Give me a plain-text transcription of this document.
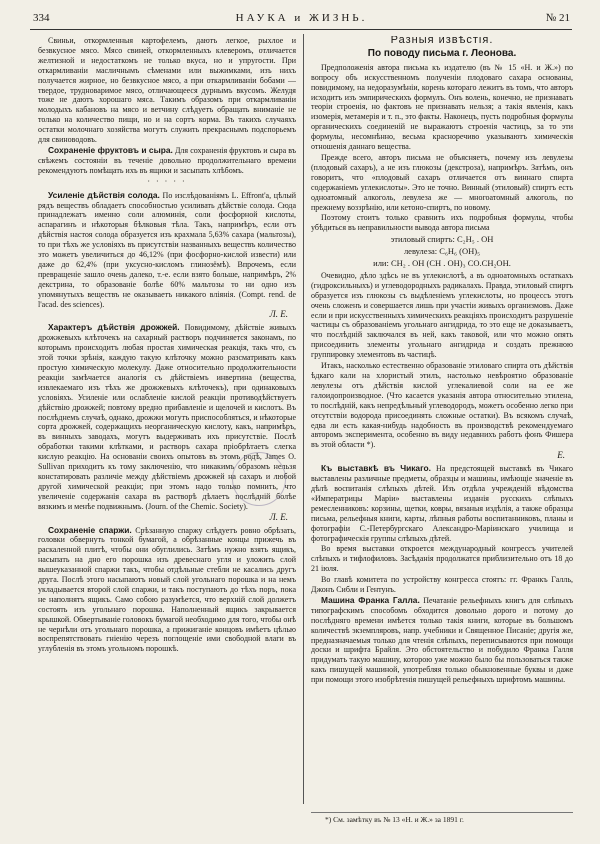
334	НАУКА и ЖИЗНЬ.	№ 21

Свиньи, откормленныя картофелемъ, даютъ легкое, рыхлое и безвкусное мясо. Мясо свиней, откормленныхъ клеверомъ, отличается желтизной и недостаткомъ не только вкуса, но и упругости. При откармливаніи масличнымъ сѣменами или выжимками, изъ нихъ получается жирное, но безвкусное мясо, а при откармливаніи бобами — твердое, трудноваримое мясо, отличающееся дурнымъ вкусомъ. Желудя тоже не даютъ хорошаго мяса. Такимъ образомъ при откармливаніи молодыхъ кабановъ на мясо и ветчину слѣдуетъ обращать вниманіе не только на количество пищи, но и на сортъ корма. Въ такихъ случаяхъ остатки молочнаго хозяйства могутъ служить прекраснымъ подспорьемъ для свиноводовъ.

Сохраненіе фруктовъ и сыра. Для сохраненія фруктовъ и сыра въ свѣжемъ состояніи въ теченіе довольно продолжительнаго времени рекомендуютъ помѣщать ихъ въ ящики и засыпать хлѣбомъ.

· · · · ·

Усиленіе дѣйствія солода. По изслѣдованіямъ L. Effront'a, цѣлый рядъ веществъ обладаетъ способностью усиливать дѣйствіе солода. Сюда принадлежатъ именно соли алюминія, соли фосфорной кислоты, аспарагинъ и нѣкоторыя бѣлковыя тѣла. Такъ, напримѣръ, если отъ дѣйствія настоя солода образуется изъ крахмала 5,63% сахара (мальтозы), то при тѣхъ же условіяхъ въ присутствіи названныхъ веществъ количество это можетъ увеличиться до 46,12% (при фосфорно-кислой извести) или даже до 62,4% (при уксусно-кисломъ глинозёмѣ). Впрочемъ, если превращеніе зашло очень далеко, т.-е. если взято больше, напримѣръ, 2% декстрина, то образованіе болѣе 60% мальтозы то ни одно изъ упомянутыхъ веществъ не оказываетъ никакого вліянія. (Compt. rend. de l'acad. des sciences).

Л. Е.

Характеръ дѣйствія дрожжей. Повидимому, дѣйствіе живыхъ дрожжевыхъ клѣточекъ на сахарный растворъ подчиняется законамъ, по которымъ происходитъ любая простая химическая реакція, такъ что, съ этой точки зрѣнія, каждую такую клѣточку можно разсматривать какъ простую химическую молекулу. Даже относительно продолжительности реакціи замѣчается аналогія съ дѣйствіемъ инвертина (вещества, извлекаемаго изъ тѣхъ же дрожжевыхъ клѣточекъ), при одинаковыхъ условіяхъ. Усиленіе или ослабленіе кислой реакціи противодѣйствуетъ дѣйствію дрожжей; повтому вредно прибавленіе и щелочей и кислотъ. Въ послѣднемъ случаѣ, однако, дрожжи могутъ приспособляться, и нѣкоторые сорта дрожжей, содержащихъ неорганическую кислоту, какъ, напримѣръ, въ винныхъ заводахъ, могутъ выдерживать ихъ присутствіе. Послѣ обработки такими клѣтками, и растворъ сахара пріобрѣтаетъ слегка кислую реакцію. На основаніи своихъ опытовъ въ этомъ родѣ, James O. Sullivan приходитъ къ тому заключенію, что никакимъ образомъ нельзя констатировать различіе между дѣйствіемъ дрожжей на сахаръ и любой другой химической реакціи; при этомъ надо только помнить, что увеличеніе содержанія сахара въ растворѣ дѣлаетъ послѣдній болѣе вязкимъ и менѣе подвижнымъ. (Journ. of the Chemic. Society).

Л. Е.

Сохраненіе спаржи. Срѣзанную спаржу слѣдуетъ ровно обрѣзать, головки обвернуть тонкой бумагой, а обрѣзанные концы прижечь въ раскаленной плитѣ, чтобы они обуглились. Затѣмъ нужно взять ящикъ, насыпать на дно его порошка изъ древеснаго угля и уложить слой вышеуказанной спаржи такъ, чтобы отдѣльные стебли не касались другъ друга. Послѣ этого насыпаютъ новый слой угольнаго порошка и на немъ укладывается второй слой спаржи, и такъ поступаютъ до тѣхъ поръ, пока не наполнятъ ящикъ. Само собою разумѣется, что верхній слой должетъ состоять изъ угольнаго порошка. Наполненный ящикъ закрывается крышкой. Обвертываніе головокъ бумагой необходимо для того, чтобы онѣ не чернѣли отъ угольнаго порошка, а прижиганіе концовъ имѣетъ цѣлью воспрепятствовать гніенію черезъ поглощеніе ими свободной влаги въ углубленія въ этомъ угольномъ порошкѣ.

Разныя извѣстія.
По поводу письма г. Леонова.

Предположенія автора письма къ издателю (въ № 15 «Н. и Ж.») по вопросу объ искусственномъ полученіи плодоваго сахара основаны, повидимому, на недоразумѣніи, корень котораго лежитъ въ томъ, что авторъ исходитъ изъ эмпирическихъ формулъ. Онъ волень, конечно, не признавать теоріи строенія, но фактовъ не признавать нельзя; а такія явленія, какъ изомерія, метамерія и т. п., это факты. Наконецъ, пусть подробныя формулы органическихъ соединеній не выражаютъ строенія частицъ, за то эти формулы, несомнѣнно, весьма красноречиво указываютъ химическія отношенія даннаго вещества.

Прежде всего, авторъ письма не объясняетъ, почему изъ левулезы (плодовый сахаръ), а не изъ глюкозы (декстроза), напримѣръ. Затѣмъ, онъ говоритъ, что «плодовый сахаръ отличается отъ виннаго спирта содержаніемъ углекислоты». Это не точно. Винный (этиловый) спиртъ есть одноатомный алкоголь, левулеза же — многоатомный алкоголь, по прежнему воззрѣнію, или кетоно-спиртъ, по новому.

Поэтому стоитъ только сравнить ихъ подробныя формулы, чтобы убѣдиться въ неправильности вывода автора письма

этиловый спиртъ: C₂H₅ . OH
левулеза: C₆H₆ (OH)₅
или: CH₂ . OH (CH . OH)₃ CO.CH₂OH.

Очевидно, дѣло здѣсь не въ углекислотѣ, а въ одноатомныхъ остаткахъ (гидроксильныхъ) и углеводородныхъ радикалахъ. Правда, этиловый спиртъ образуется изъ глюкозы съ выдѣленіемъ углекислоты, но процессъ этотъ очень сложенъ и совершается лишь при участіи живыхъ организмовъ. Даже если и при искусственныхъ химическихъ реакціяхъ происходитъ разрушеніе частицы съ образованіемъ угольнаго ангидрида, то это еще не доказываетъ, что послѣдній заключался въ ней, какъ таковой, или что можно опять присоединить элементы угольнаго ангидрида и создать прежнюю группировку элементовъ въ частицѣ.

Итакъ, насколько естественно образованіе этиловаго спирта отъ дѣйствія ѣдкаго кали на хлористый этилъ, настолько невѣроятно образованіе левулезы отъ дѣйствія кислой углекалиевой соли на ее же галоидопроизводное. (Что касается указанія автора относительно этилена, то послѣдній, какъ непредѣльный углеводородъ, можетъ особенно легко при отсутствіи водорода присоединять сложные остатки). Въ всякомъ случаѣ, едва ли есть какая-нибудь надобность въ производствѣ рекомендуемаго авторомъ эксперимента, особенно въ виду недавнихъ работъ фонъ Фишера въ этой области *).

Е.

Къ выставкѣ въ Чикаго. На предстоящей выставкѣ въ Чикаго выставлены различные предметы, образцы и машины, имѣющіе значеніе въ дѣлѣ воспитанія слѣпыхъ дѣтей. Изъ отдѣла учрежденій вѣдомства «Императрицы Маріи» выставлены изданія русскихъ слѣпыхъ ремесленниковъ: корзины, щетки, ковры, вязаныя издѣлія, а также образцы письма, рельефныя книги, карты, лѣпныя работы воспитанниковъ, планы и фотографіи С.-Петербургскаго Александро-Маріинскаго училища и фотографическія группы слѣпыхъ дѣтей.

Во время выставки откроется международный конгрессъ учителей слѣпыхъ и тифлофиловъ. Засѣданія продолжатся приблизительно отъ 18 до 21 іюля.

Во главѣ комитета по устройству конгресса стоятъ: гг. Франкъ Галль, Джонъ Сибли и Гентунъ.

Машина Франка Галла. Печатаніе рельефныхъ книгъ для слѣпыхъ типографскимъ способомъ обходится довольно дорого и потому до послѣдняго времени имѣется только такія книги, которые въ большомъ количествѣ экземпляровъ, напр. учебники и Священное Писаніе; другія же, предназначаемыя только для чтенія слѣпыхъ, переписываются при помощи доски и шрифта Брайля. Это обстоятельство и побудило Франка Галля придумать такую машину, которою уже можно было бы пользоваться также какъ пишущей машиной, употребляя только обыкновенные буквы и даже при помощи этого изобрѣтенія пишущей рельефныхъ шрифтомъ машины.

*) См. замѣтку въ № 13 «Н. и Ж.» за 1891 г.
